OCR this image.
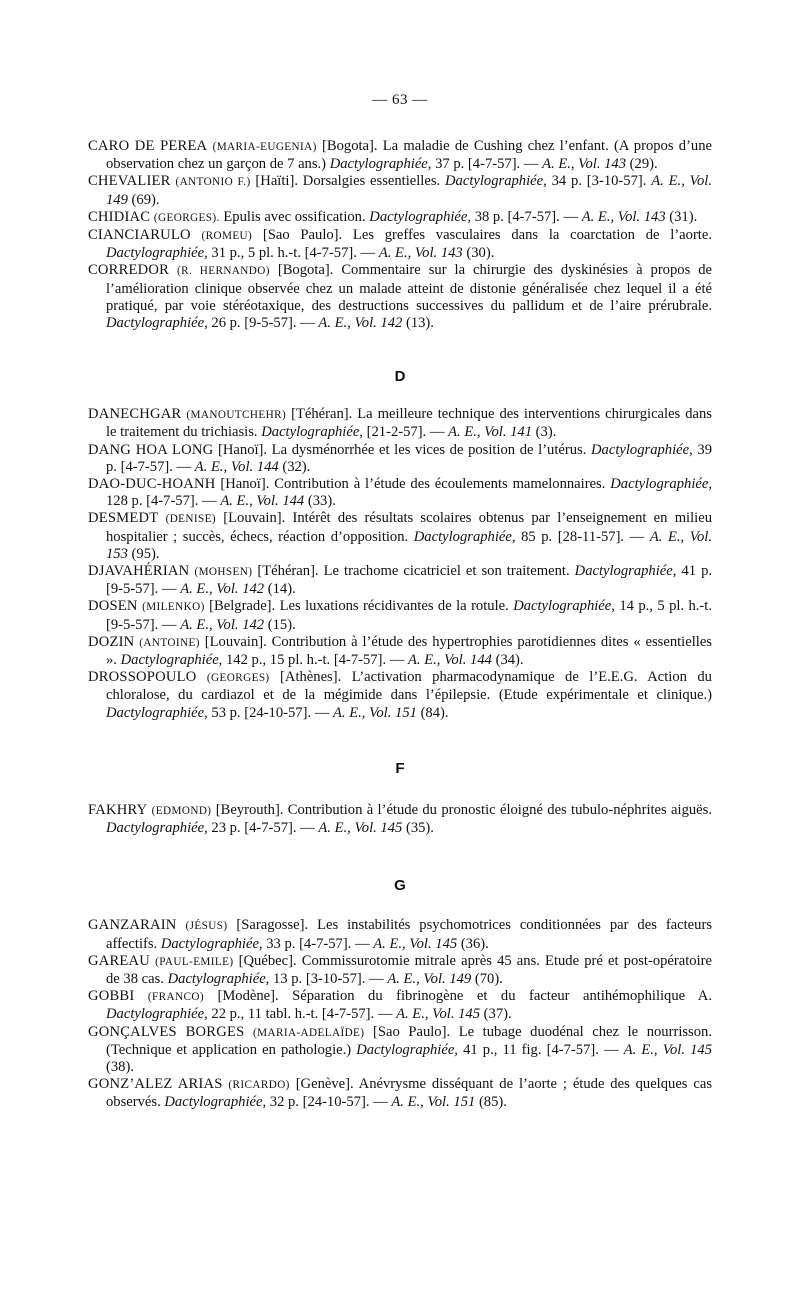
— 63 —

CARO DE PEREA (MARIA-EUGENIA) [Bogota]. La maladie de Cushing chez l’enfant. (A propos d’une observation chez un garçon de 7 ans.) Dactylographiée, 37 p. [4-7-57]. — A. E., Vol. 143 (29).

CHEVALIER (ANTONIO F.) [Haïti]. Dorsalgies essentielles. Dactylographiée, 34 p. [3-10-57]. A. E., Vol. 149 (69).

CHIDIAC (GEORGES). Epulis avec ossification. Dactylographiée, 38 p. [4-7-57]. — A. E., Vol. 143 (31).

CIANCIARULO (ROMEU) [Sao Paulo]. Les greffes vasculaires dans la coarctation de l’aorte. Dactylographiée, 31 p., 5 pl. h.-t. [4-7-57]. — A. E., Vol. 143 (30).

CORREDOR (R. HERNANDO) [Bogota]. Commentaire sur la chirurgie des dyskinésies à propos de l’amélioration clinique observée chez un malade atteint de distonie généralisée chez lequel il a été pratiqué, par voie stéréotaxique, des destructions successives du pallidum et de l’aire prérubrale. Dactylographiée, 26 p. [9-5-57]. — A. E., Vol. 142 (13).

D

DANECHGAR (MANOUTCHEHR) [Téhéran]. La meilleure technique des interventions chirurgicales dans le traitement du trichiasis. Dactylographiée, [21-2-57]. — A. E., Vol. 141 (3).

DANG HOA LONG [Hanoï]. La dysménorrhée et les vices de position de l’utérus. Dactylographiée, 39 p. [4-7-57]. — A. E., Vol. 144 (32).

DAO-DUC-HOANH [Hanoï]. Contribution à l’étude des écoulements mamelonnaires. Dactylographiée, 128 p. [4-7-57]. — A. E., Vol. 144 (33).

DESMEDT (DENISE) [Louvain]. Intérêt des résultats scolaires obtenus par l’enseignement en milieu hospitalier ; succès, échecs, réaction d’opposition. Dactylographiée, 85 p. [28-11-57]. — A. E., Vol. 153 (95).

DJAVAHÉRIAN (MOHSEN) [Téhéran]. Le trachome cicatriciel et son traitement. Dactylographiée, 41 p. [9-5-57]. — A. E., Vol. 142 (14).

DOSEN (MILENKO) [Belgrade]. Les luxations récidivantes de la rotule. Dactylographiée, 14 p., 5 pl. h.-t. [9-5-57]. — A. E., Vol. 142 (15).

DOZIN (ANTOINE) [Louvain]. Contribution à l’étude des hypertrophies parotidiennes dites « essentielles ». Dactylographiée, 142 p., 15 pl. h.-t. [4-7-57]. — A. E., Vol. 144 (34).

DROSSOPOULO (GEORGES) [Athènes]. L’activation pharmacodynamique de l’E.E.G. Action du chloralose, du cardiazol et de la mégimide dans l’épilepsie. (Etude expérimentale et clinique.) Dactylographiée, 53 p. [24-10-57]. — A. E., Vol. 151 (84).

F

FAKHRY (EDMOND) [Beyrouth]. Contribution à l’étude du pronostic éloigné des tubulo-néphrites aiguës. Dactylographiée, 23 p. [4-7-57]. — A. E., Vol. 145 (35).

G

GANZARAIN (JÉSUS) [Saragosse]. Les instabilités psychomotrices conditionnées par des facteurs affectifs. Dactylographiée, 33 p. [4-7-57]. — A. E., Vol. 145 (36).

GAREAU (PAUL-EMILE) [Québec]. Commissurotomie mitrale après 45 ans. Etude pré et post-opératoire de 38 cas. Dactylographiée, 13 p. [3-10-57]. — A. E., Vol. 149 (70).

GOBBI (FRANCO) [Modène]. Séparation du fibrinogène et du facteur antihémophilique A. Dactylographiée, 22 p., 11 tabl. h.-t. [4-7-57]. — A. E., Vol. 145 (37).

GONÇALVES BORGES (MARIA-ADELAÏDE) [Sao Paulo]. Le tubage duodénal chez le nourrisson. (Technique et application en pathologie.) Dactylographiée, 41 p., 11 fig. [4-7-57]. — A. E., Vol. 145 (38).

GONZ’ALEZ ARIAS (RICARDO) [Genève]. Anévrysme disséquant de l’aorte ; étude des quelques cas observés. Dactylographiée, 32 p. [24-10-57]. — A. E., Vol. 151 (85).
